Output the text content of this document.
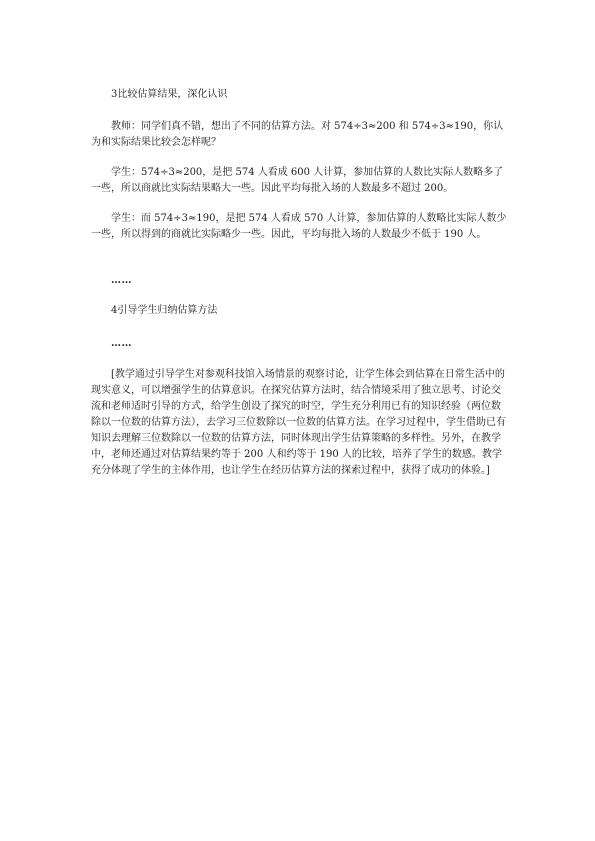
3比较估算结果，深化认识

教师：同学们真不错，想出了不同的估算方法。对 574÷3≈200 和 574÷3≈190，你认为和实际结果比较会怎样呢？

学生：574÷3≈200，是把 574 人看成 600 人计算，参加估算的人数比实际人数略多了一些，所以商就比实际结果略大一些。因此平均每批入场的人数最多不超过 200。

学生：而 574÷3≈190，是把 574 人看成 570 人计算，参加估算的人数略比实际人数少一些，所以得到的商就比实际略少一些。因此，平均每批入场的人数最少不低于 190 人。

……

4引导学生归纳估算方法

……

[教学通过引导学生对参观科技馆入场情景的观察讨论，让学生体会到估算在日常生活中的现实意义，可以增强学生的估算意识。在探究估算方法时，结合情境采用了独立思考、讨论交流和老师适时引导的方式，给学生创设了探究的时空，学生充分利用已有的知识经验（两位数除以一位数的估算方法），去学习三位数除以一位数的估算方法。在学习过程中，学生借助已有知识去理解三位数除以一位数的估算方法，同时体现出学生估算策略的多样性。另外，在教学中，老师还通过对估算结果约等于 200 人和约等于 190 人的比较，培养了学生的数感。教学充分体现了学生的主体作用，也让学生在经历估算方法的探索过程中，获得了成功的体验。]
